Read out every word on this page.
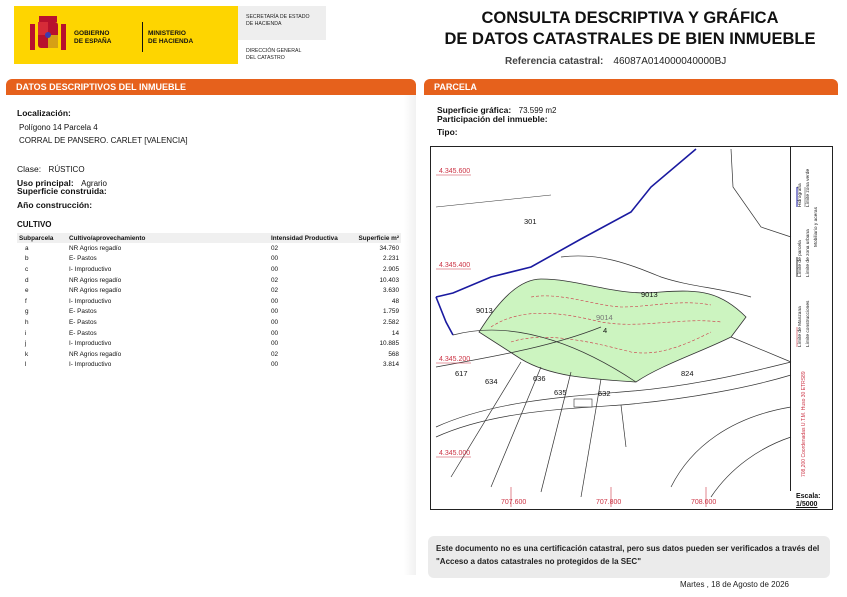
GOBIERNO
DE ESPAÑA
MINISTERIO
DE HACIENDA
SECRETARÍA DE ESTADO
DE HACIENDA
DIRECCIÓN GENERAL
DEL CATASTRO
CONSULTA DESCRIPTIVA Y GRÁFICA
DE DATOS CATASTRALES DE BIEN INMUEBLE
Referencia catastral: 46087A014000040000BJ
DATOS DESCRIPTIVOS DEL INMUEBLE
Localización:
Polígono 14 Parcela 4
CORRAL DE PANSERO. CARLET [VALENCIA]
Clase: RÚSTICO
Uso principal: Agrario
Superficie construida:
Año construcción:
CULTIVO
Subparcela	Cultivo/aprovechamiento	Intensidad Productiva	Superficie m²
a	NR Agrios regadío	02	34.760
b	E- Pastos	00	2.231
c	I- Improductivo	00	2.905
d	NR Agrios regadío	02	10.403
e	NR Agrios regadío	02	3.630
f	I- Improductivo	00	48
g	E- Pastos	00	1.759
h	E- Pastos	00	2.582
i	E- Pastos	00	14
j	I- Improductivo	00	10.885
k	NR Agrios regadío	02	568
l	I- Improductivo	00	3.814
PARCELA
Superficie gráfica: 73.599 m2
Participación del inmueble:
Tipo:
4.345.600
4.345.400
4.345.200
4.345.000
707.600	707.800	708.000
301
9013
9013
9014
4
617
634	636
635	632
824
Hidrografía Límite zona verde
Límite de parcela Límite de zona urbana
Límite de Manzana Límite construcciones
Mobiliario y aceras
708,200 Coordenadas U.T.M. Huso 30 ETRS89
Escala:
1/5000
Este documento no es una certificación catastral, pero sus datos pueden ser verificados a través del "Acceso a datos catastrales no protegidos de la SEC"
Martes , 18 de Agosto de 2026
